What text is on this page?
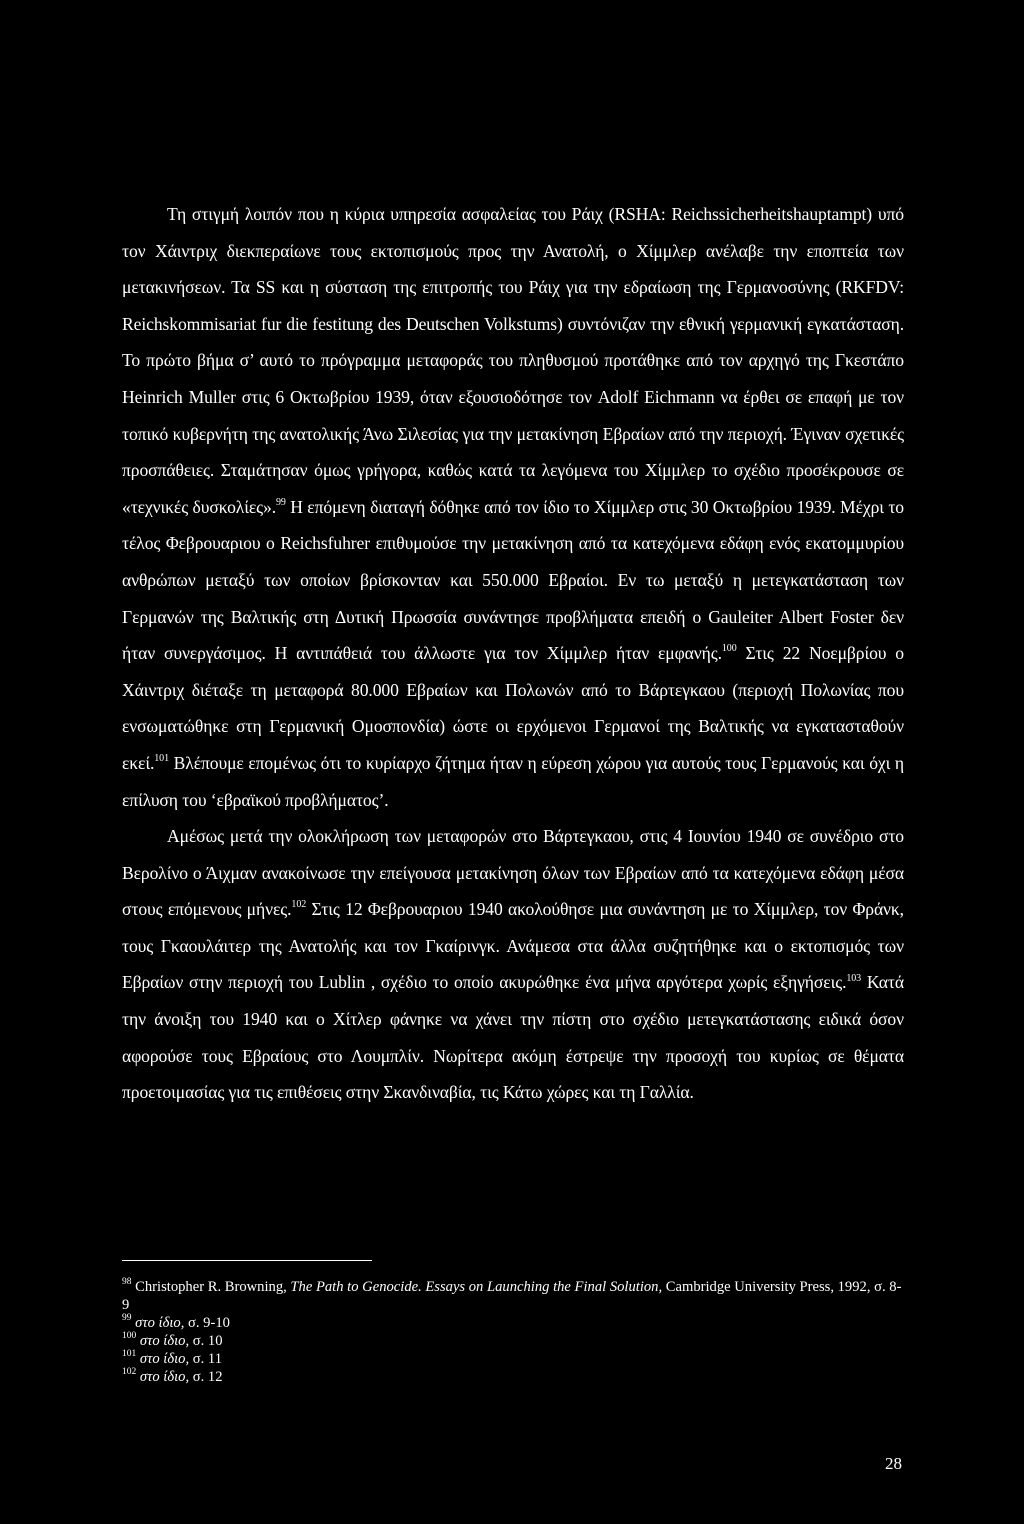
Τη στιγμή λοιπόν που η κύρια υπηρεσία ασφαλείας του Ράιχ (RSHA: Reichssicherheitshauptampt) υπό τον Χάιντριχ διεκπεραίωνε τους εκτοπισμούς προς την Ανατολή, ο Χίμμλερ ανέλαβε την εποπτεία των μετακινήσεων. Τα SS και η σύσταση της επιτροπής του Ράιχ για την εδραίωση της Γερμανοσύνης (RKFDV: Reichskommisariat fur die festitung des Deutschen Volkstums) συντόνιζαν την εθνική γερμανική εγκατάσταση. Το πρώτο βήμα σ’ αυτό το πρόγραμμα μεταφοράς του πληθυσμού προτάθηκε από τον αρχηγό της Γκεστάπο Heinrich Muller στις 6 Οκτωβρίου 1939, όταν εξουσιοδότησε τον Adolf Eichmann να έρθει σε επαφή με τον τοπικό κυβερνήτη της ανατολικής Άνω Σιλεσίας για την μετακίνηση Εβραίων από την περιοχή. Έγιναν σχετικές προσπάθειες. Σταμάτησαν όμως γρήγορα, καθώς κατά τα λεγόμενα του Χίμμλερ το σχέδιο προσέκρουσε σε «τεχνικές δυσκολίες».$^{99}$ Η επόμενη διαταγή δόθηκε από τον ίδιο το Χίμμλερ στις 30 Οκτωβρίου 1939. Μέχρι το τέλος Φεβρουαριου ο Reichsfuhrer επιθυμούσε την μετακίνηση από τα κατεχόμενα εδάφη ενός εκατομμυρίου ανθρώπων μεταξύ των οποίων βρίσκονταν και 550.000 Εβραίοι. Εν τω μεταξύ η μετεγκατάσταση των Γερμανών της Βαλτικής στη Δυτική Πρωσσία συνάντησε προβλήματα επειδή ο Gauleiter Albert Foster δεν ήταν συνεργάσιμος. Η αντιπάθειά του άλλωστε για τον Χίμμλερ ήταν εμφανής.$^{100}$ Στις 22 Νοεμβρίου ο Χάιντριχ διέταξε τη μεταφορά 80.000 Εβραίων και Πολωνών από το Βάρτεγκαου (περιοχή Πολωνίας που ενσωματώθηκε στη Γερμανική Ομοσπονδία) ώστε οι ερχόμενοι Γερμανοί της Βαλτικής να εγκατασταθούν εκεί.$^{101}$ Βλέπουμε επομένως ότι το κυρίαρχο ζήτημα ήταν η εύρεση χώρου για αυτούς τους Γερμανούς και όχι η επίλυση του ‘εβραϊκού προβλήματος’.

Αμέσως μετά την ολοκλήρωση των μεταφορών στο Βάρτεγκαου, στις 4 Ιουνίου 1940 σε συνέδριο στο Βερολίνο ο Άιχμαν ανακοίνωσε την επείγουσα μετακίνηση όλων των Εβραίων από τα κατεχόμενα εδάφη μέσα στους επόμενους μήνες.$^{102}$ Στις 12 Φεβρουαριου 1940 ακολούθησε μια συνάντηση με το Χίμμλερ, τον Φράνκ, τους Γκαουλάιτερ της Ανατολής και τον Γκαίρινγκ. Ανάμεσα στα άλλα συζητήθηκε και ο εκτοπισμός των Εβραίων στην περιοχή του Lublin , σχέδιο το οποίο ακυρώθηκε ένα μήνα αργότερα χωρίς εξηγήσεις.$^{103}$ Κατά την άνοιξη του 1940 και ο Χίτλερ φάνηκε να χάνει την πίστη στο σχέδιο μετεγκατάστασης ειδικά όσον αφορούσε τους Εβραίους στο Λουμπλίν. Νωρίτερα ακόμη έστρεψε την προσοχή του κυρίως σε θέματα προετοιμασίας για τις επιθέσεις στην Σκανδιναβία, τις Κάτω χώρες και τη Γαλλία.

$^{98}$ Christopher R. Browning, The Path to Genocide. Essays on Launching the Final Solution, Cambridge University Press, 1992, σ. 8-9

$^{99}$ στο ίδιο, σ. 9-10

$^{100}$ στο ίδιο, σ. 10

$^{101}$ στο ίδιο, σ. 11

$^{102}$ στο ίδιο, σ. 12

28
